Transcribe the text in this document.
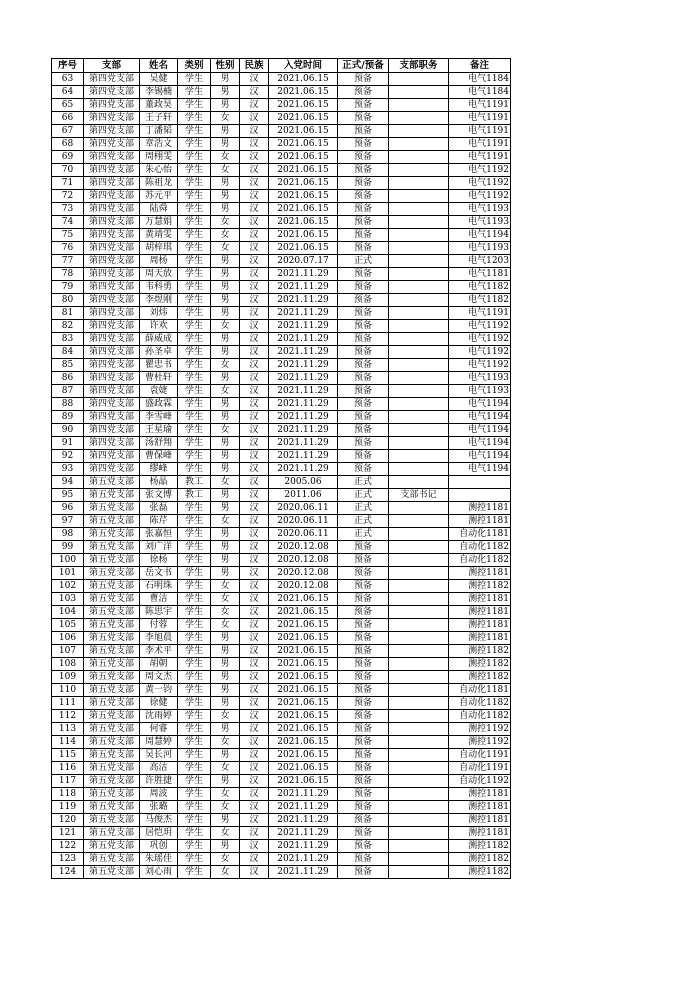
序号	支部	姓名	类别	性别	民族	入党时间	正式/预备	支部职务	备注
63	第四党支部	吴健	学生	男	汉	2021.06.15	预备		电气1184
64	第四党支部	李锡楠	学生	男	汉	2021.06.15	预备		电气1184
65	第四党支部	董政昊	学生	男	汉	2021.06.15	预备		电气1191
66	第四党支部	王子轩	学生	女	汉	2021.06.15	预备		电气1191
67	第四党支部	丁潘韬	学生	男	汉	2021.06.15	预备		电气1191
68	第四党支部	章浩文	学生	男	汉	2021.06.15	预备		电气1191
69	第四党支部	周栩雯	学生	女	汉	2021.06.15	预备		电气1191
70	第四党支部	朱心怡	学生	女	汉	2021.06.15	预备		电气1192
71	第四党支部	陈祖龙	学生	男	汉	2021.06.15	预备		电气1192
72	第四党支部	苏元平	学生	男	汉	2021.06.15	预备		电气1192
73	第四党支部	陆舜	学生	男	汉	2021.06.15	预备		电气1193
74	第四党支部	万慧娟	学生	女	汉	2021.06.15	预备		电气1193
75	第四党支部	黄靖雯	学生	女	汉	2021.06.15	预备		电气1194
76	第四党支部	胡梓琪	学生	女	汉	2021.06.15	预备		电气1193
77	第四党支部	周杨	学生	男	汉	2020.07.17	正式		电气1203
78	第四党支部	周天放	学生	男	汉	2021.11.29	预备		电气1181
79	第四党支部	韦科勇	学生	男	汉	2021.11.29	预备		电气1182
80	第四党支部	李煜刚	学生	男	汉	2021.11.29	预备		电气1182
81	第四党支部	刘炜	学生	男	汉	2021.11.29	预备		电气1191
82	第四党支部	许欢	学生	女	汉	2021.11.29	预备		电气1192
83	第四党支部	薛威成	学生	男	汉	2021.11.29	预备		电气1192
84	第四党支部	孙圣卓	学生	男	汉	2021.11.29	预备		电气1192
85	第四党支部	瞿忠书	学生	女	汉	2021.11.29	预备		电气1192
86	第四党支部	曹杜轩	学生	男	汉	2021.11.29	预备		电气1193
87	第四党支部	袁婕	学生	女	汉	2021.11.29	预备		电气1193
88	第四党支部	盛政霖	学生	男	汉	2021.11.29	预备		电气1194
89	第四党支部	李雪峰	学生	男	汉	2021.11.29	预备		电气1194
90	第四党支部	王星瑜	学生	女	汉	2021.11.29	预备		电气1194
91	第四党支部	汤舒翔	学生	男	汉	2021.11.29	预备		电气1194
92	第四党支部	曹保峰	学生	男	汉	2021.11.29	预备		电气1194
93	第四党支部	缪峰	学生	男	汉	2021.11.29	预备		电气1194
94	第五党支部	杨晶	教工	女	汉	2005.06	正式		
95	第五党支部	张文博	教工	男	汉	2011.06	正式	支部书记	
96	第五党支部	张磊	学生	男	汉	2020.06.11	正式		测控1181
97	第五党支部	陈芹	学生	女	汉	2020.06.11	正式		测控1181
98	第五党支部	张嘉恒	学生	男	汉	2020.06.11	正式		自动化1181
99	第五党支部	刘广洋	学生	男	汉	2020.12.08	预备		自动化1182
100	第五党支部	徐杨	学生	男	汉	2020.12.08	预备		自动化1182
101	第五党支部	岳文书	学生	男	汉	2020.12.08	预备		测控1181
102	第五党支部	石明珠	学生	女	汉	2020.12.08	预备		测控1182
103	第五党支部	曹洁	学生	女	汉	2021.06.15	预备		测控1181
104	第五党支部	陈思宇	学生	女	汉	2021.06.15	预备		测控1181
105	第五党支部	付蓉	学生	女	汉	2021.06.15	预备		测控1181
106	第五党支部	李旭晨	学生	男	汉	2021.06.15	预备		测控1181
107	第五党支部	李术平	学生	男	汉	2021.06.15	预备		测控1182
108	第五党支部	胡朝	学生	男	汉	2021.06.15	预备		测控1182
109	第五党支部	周文杰	学生	男	汉	2021.06.15	预备		测控1182
110	第五党支部	黄一钧	学生	男	汉	2021.06.15	预备		自动化1181
111	第五党支部	徐健	学生	男	汉	2021.06.15	预备		自动化1182
112	第五党支部	沈雨婷	学生	女	汉	2021.06.15	预备		自动化1182
113	第五党支部	何睿	学生	男	汉	2021.06.15	预备		测控1192
114	第五党支部	周慧婷	学生	女	汉	2021.06.15	预备		测控1192
115	第五党支部	吴长河	学生	男	汉	2021.06.15	预备		自动化1191
116	第五党支部	高洁	学生	女	汉	2021.06.15	预备		自动化1191
117	第五党支部	许胜捷	学生	男	汉	2021.06.15	预备		自动化1192
118	第五党支部	周波	学生	女	汉	2021.11.29	预备		测控1181
119	第五党支部	张璐	学生	女	汉	2021.11.29	预备		测控1181
120	第五党支部	马俊杰	学生	男	汉	2021.11.29	预备		测控1181
121	第五党支部	居恺玥	学生	女	汉	2021.11.29	预备		测控1181
122	第五党支部	巩创	学生	男	汉	2021.11.29	预备		测控1182
123	第五党支部	朱瑶佳	学生	女	汉	2021.11.29	预备		测控1182
124	第五党支部	刘心雨	学生	女	汉	2021.11.29	预备		测控1182
